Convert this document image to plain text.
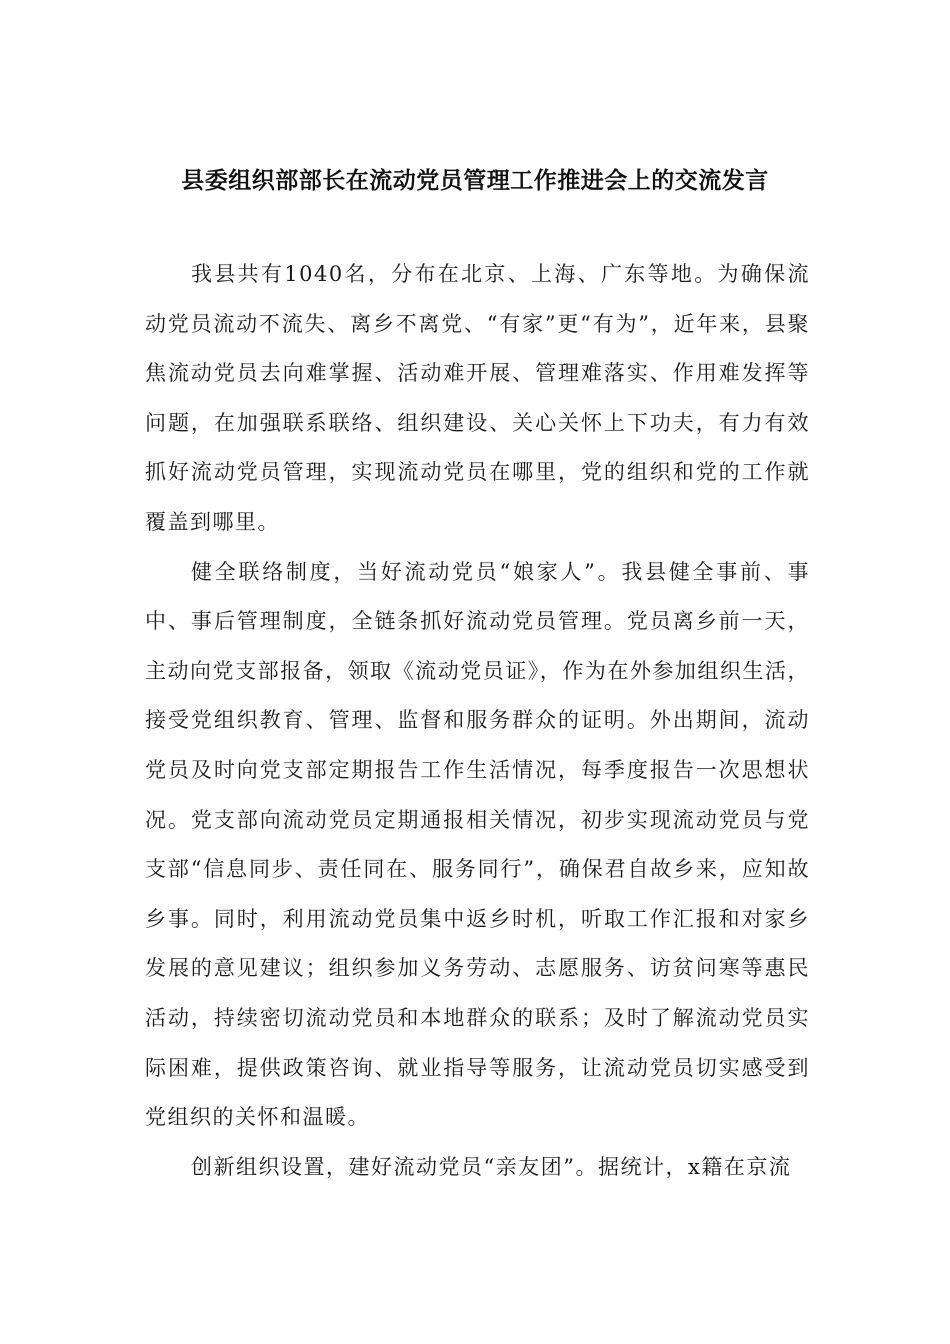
县委组织部部长在流动党员管理工作推进会上的交流发言

我县共有1040名，分布在北京、上海、广东等地。为确保流动党员流动不流失、离乡不离党、“有家”更“有为”，近年来，县聚焦流动党员去向难掌握、活动难开展、管理难落实、作用难发挥等问题，在加强联系联络、组织建设、关心关怀上下功夫，有力有效抓好流动党员管理，实现流动党员在哪里，党的组织和党的工作就覆盖到哪里。

健全联络制度，当好流动党员“娘家人”。我县健全事前、事中、事后管理制度，全链条抓好流动党员管理。党员离乡前一天，主动向党支部报备，领取《流动党员证》，作为在外参加组织生活，接受党组织教育、管理、监督和服务群众的证明。外出期间，流动党员及时向党支部定期报告工作生活情况，每季度报告一次思想状况。党支部向流动党员定期通报相关情况，初步实现流动党员与党支部“信息同步、责任同在、服务同行”，确保君自故乡来，应知故乡事。同时，利用流动党员集中返乡时机，听取工作汇报和对家乡发展的意见建议；组织参加义务劳动、志愿服务、访贫问寒等惠民活动，持续密切流动党员和本地群众的联系；及时了解流动党员实际困难，提供政策咨询、就业指导等服务，让流动党员切实感受到党组织的关怀和温暖。

创新组织设置，建好流动党员“亲友团”。据统计，x籍在京流
